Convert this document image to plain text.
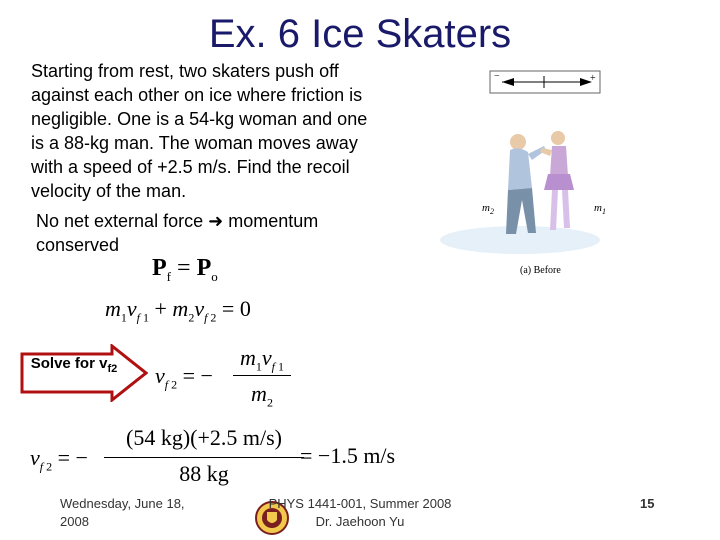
Ex. 6 Ice Skaters
Starting from rest, two skaters push off against each other on ice where friction is negligible. One is a 54-kg woman and one is a 88-kg man. The woman moves away with a speed of +2.5 m/s. Find the recoil velocity of the man.
No net external force ➜ momentum conserved
$P_f = P_o$
$m_1v_{f 1} + m_2v_{f 2} = 0$
Solve for $v_{f2}$	$v_{f 2}$ = −
$m_1v_{f 1}$
$m_2$
$v_{f 2}$ = −
(54 kg)(+2.5 m/s)
88 kg
= −1.5 m/s
−	+
$m_2$	$m_1$
(a) Before
Wednesday, June 18, 2008
PHYS 1441-001, Summer 2008
Dr. Jaehoon Yu
15
